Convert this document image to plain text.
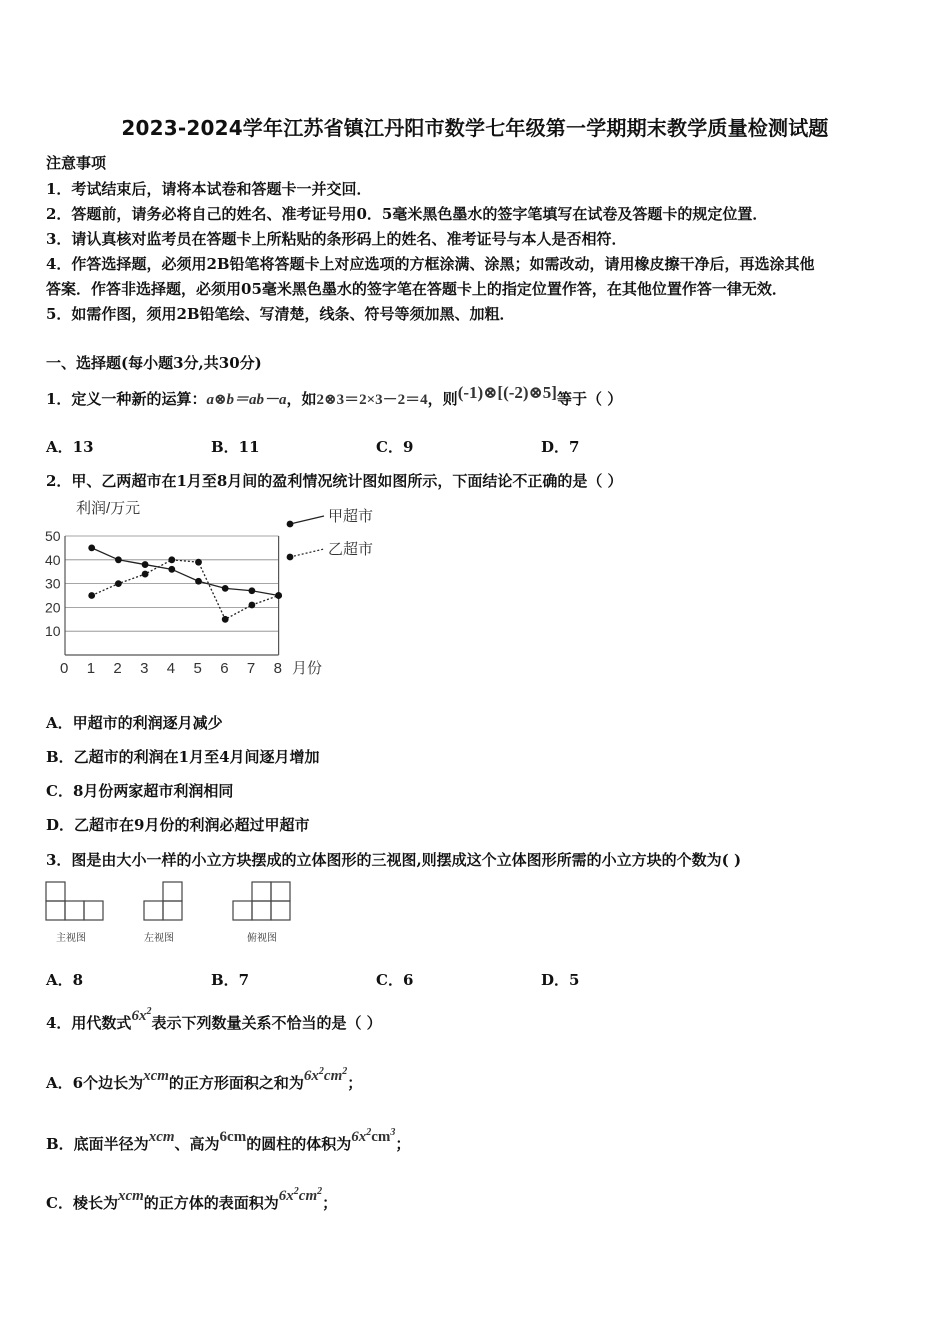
2023-2024学年江苏省镇江丹阳市数学七年级第一学期期末教学质量检测试题
注意事项
1．考试结束后，请将本试卷和答题卡一并交回．
2．答题前，请务必将自己的姓名、准考证号用0．5毫米黑色墨水的签字笔填写在试卷及答题卡的规定位置．
3．请认真核对监考员在答题卡上所粘贴的条形码上的姓名、准考证号与本人是否相符．
4．作答选择题，必须用2B铅笔将答题卡上对应选项的方框涂满、涂黑；如需改动，请用橡皮擦干净后，再选涂其他
答案．作答非选择题，必须用05毫米黑色墨水的签字笔在答题卡上的指定位置作答，在其他位置作答一律无效．
5．如需作图，须用2B铅笔绘、写清楚，线条、符号等须加黑、加粗．
一、选择题(每小题3分,共30分)
1．定义一种新的运算：a⊗b＝ab－a，如2⊗3＝2×3－2＝4，则(-1)⊗[(-2)⊗5]等于（ ）
A．13	B．11	C．9	D．7
2．甲、乙两超市在1月至8月间的盈利情况统计图如图所示，下面结论不正确的是（ ）
利润/万元
10
20
30
40
50
0 1 2 3 4 5 6 7 8
甲超市
乙超市
月份
A．甲超市的利润逐月减少
B．乙超市的利润在1月至4月间逐月增加
C．8月份两家超市利润相同
D．乙超市在9月份的利润必超过甲超市
3．图是由大小一样的小立方块摆成的立体图形的三视图,则摆成这个立体图形所需的小立方块的个数为( )
主视图	左视图	俯视图
A．8	B．7	C．6	D．5
4．用代数式$6x^2$表示下列数量关系不恰当的是（ ）
A．6个边长为xcm的正方形面积之和为$6x^2cm^2$；
B．底面半径为xcm、高为6cm的圆柱的体积为$6x^2cm^3$；
C．棱长为xcm的正方体的表面积为$6x^2cm^2$；
